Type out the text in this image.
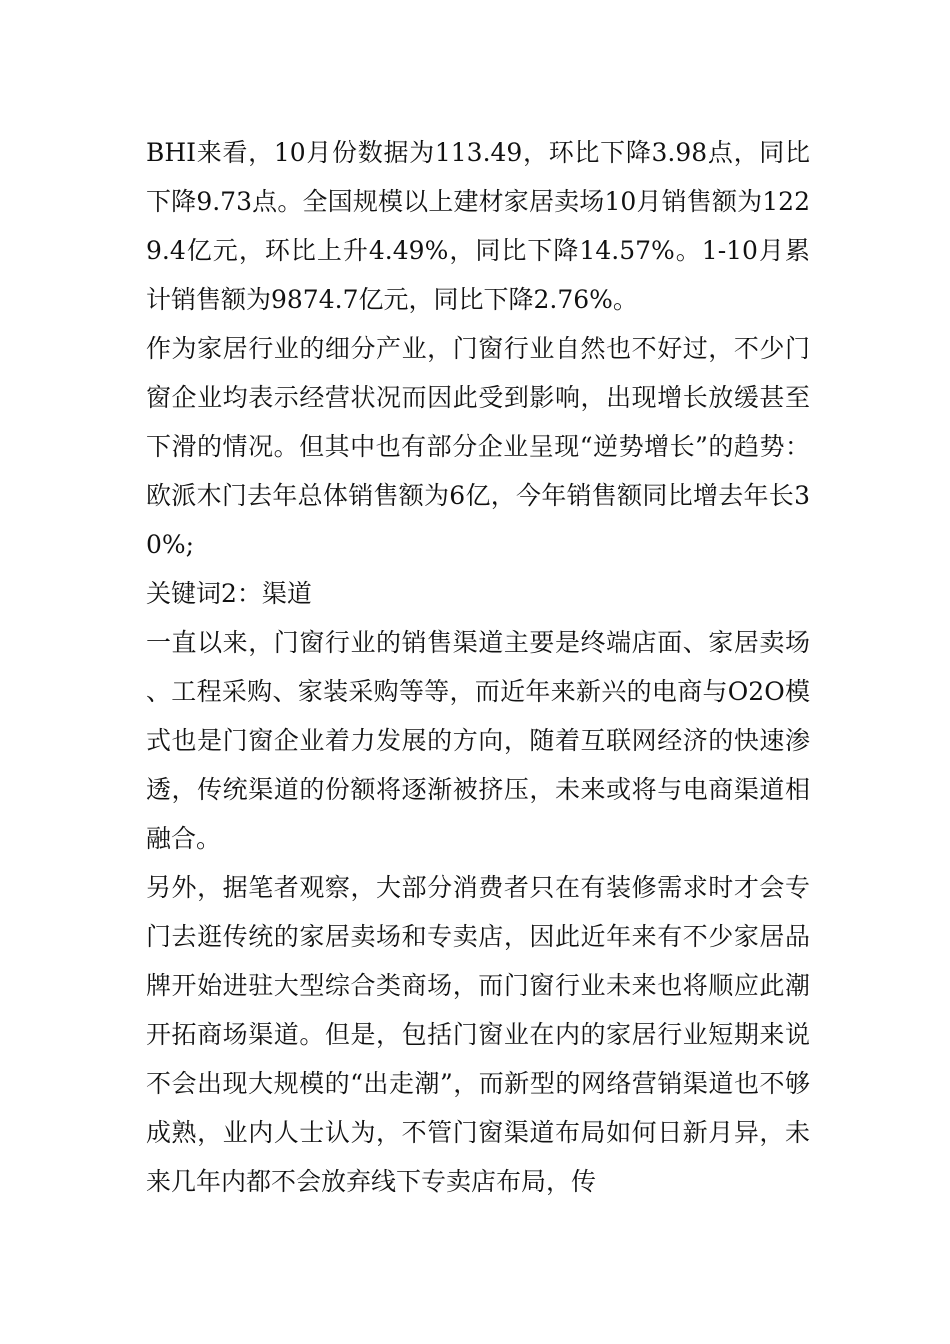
BHI来看，10月份数据为113.49，环比下降3.98点，同比下降9.73点。全国规模以上建材家居卖场10月销售额为1229.4亿元，环比上升4.49%，同比下降14.57%。1-10月累计销售额为9874.7亿元，同比下降2.76%。

作为家居行业的细分产业，门窗行业自然也不好过，不少门窗企业均表示经营状况而因此受到影响，出现增长放缓甚至下滑的情况。但其中也有部分企业呈现“逆势增长”的趋势：欧派木门去年总体销售额为6亿，今年销售额同比增去年长30%;

关键词2：渠道

一直以来，门窗行业的销售渠道主要是终端店面、家居卖场、工程采购、家装采购等等，而近年来新兴的电商与O2O模式也是门窗企业着力发展的方向，随着互联网经济的快速渗透，传统渠道的份额将逐渐被挤压，未来或将与电商渠道相融合。

另外，据笔者观察，大部分消费者只在有装修需求时才会专门去逛传统的家居卖场和专卖店，因此近年来有不少家居品牌开始进驻大型综合类商场，而门窗行业未来也将顺应此潮开拓商场渠道。但是，包括门窗业在内的家居行业短期来说不会出现大规模的“出走潮”，而新型的网络营销渠道也不够成熟，业内人士认为，不管门窗渠道布局如何日新月异，未来几年内都不会放弃线下专卖店布局，传
